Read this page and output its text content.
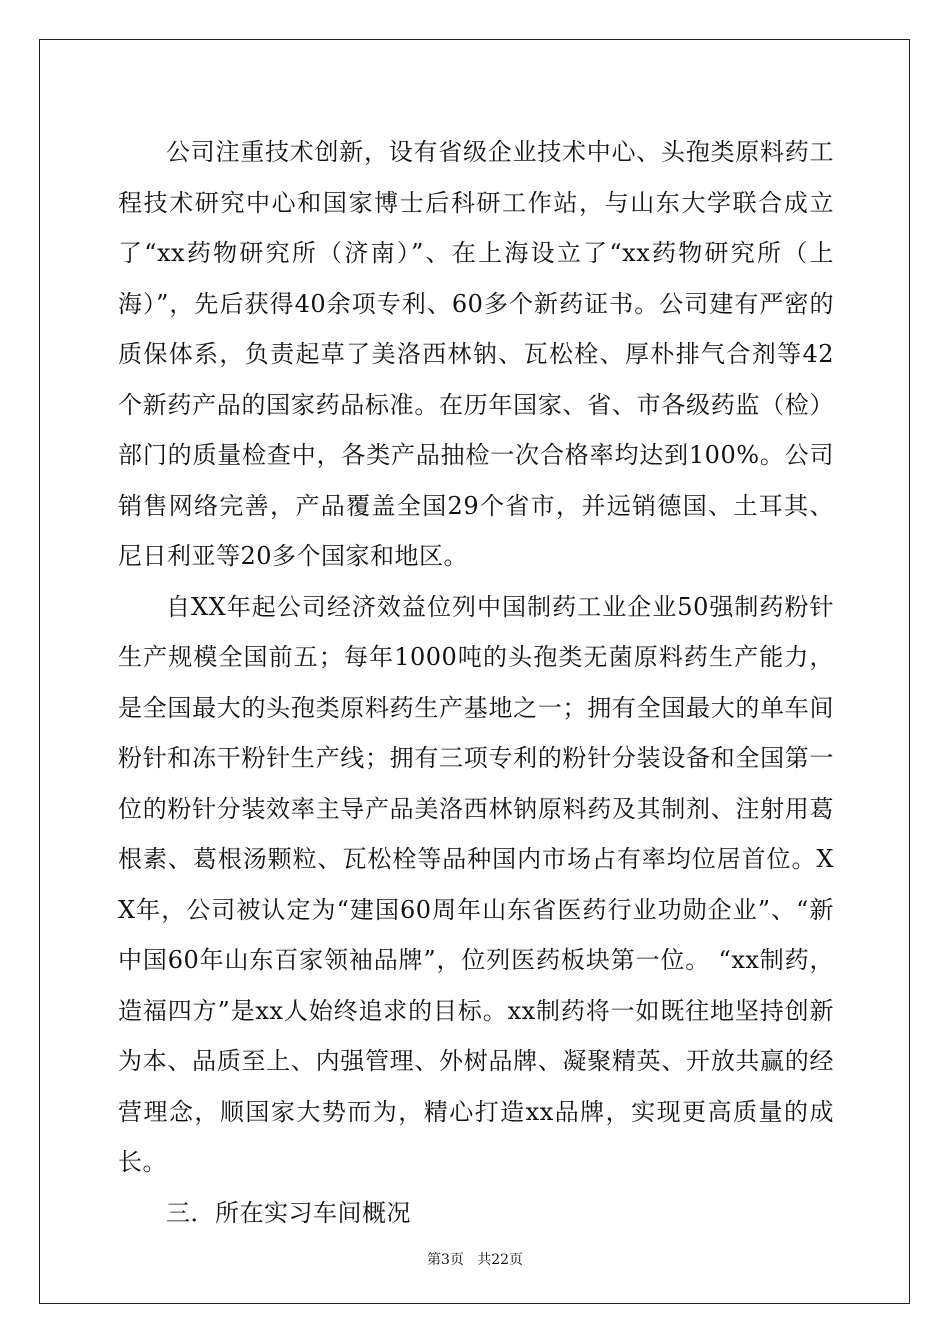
公司注重技术创新，设有省级企业技术中心、头孢类原料药工程技术研究中心和国家博士后科研工作站，与山东大学联合成立了“xx药物研究所（济南）”、在上海设立了“xx药物研究所（上海）”，先后获得40余项专利、60多个新药证书。公司建有严密的质保体系，负责起草了美洛西林钠、瓦松栓、厚朴排气合剂等42个新药产品的国家药品标准。在历年国家、省、市各级药监（检）部门的质量检查中，各类产品抽检一次合格率均达到100%。公司销售网络完善，产品覆盖全国29个省市，并远销德国、土耳其、尼日利亚等20多个国家和地区。

自XX年起公司经济效益位列中国制药工业企业50强制药粉针生产规模全国前五；每年1000吨的头孢类无菌原料药生产能力，是全国最大的头孢类原料药生产基地之一；拥有全国最大的单车间粉针和冻干粉针生产线；拥有三项专利的粉针分装设备和全国第一位的粉针分装效率主导产品美洛西林钠原料药及其制剂、注射用葛根素、葛根汤颗粒、瓦松栓等品种国内市场占有率均位居首位。XX年，公司被认定为“建国60周年山东省医药行业功勋企业”、“新中国60年山东百家领袖品牌”，位列医药板块第一位。 “xx制药，造福四方”是xx人始终追求的目标。xx制药将一如既往地坚持创新为本、品质至上、内强管理、外树品牌、凝聚精英、开放共赢的经营理念，顺国家大势而为，精心打造xx品牌，实现更高质量的成长。

三．所在实习车间概况

第3页   共22页
